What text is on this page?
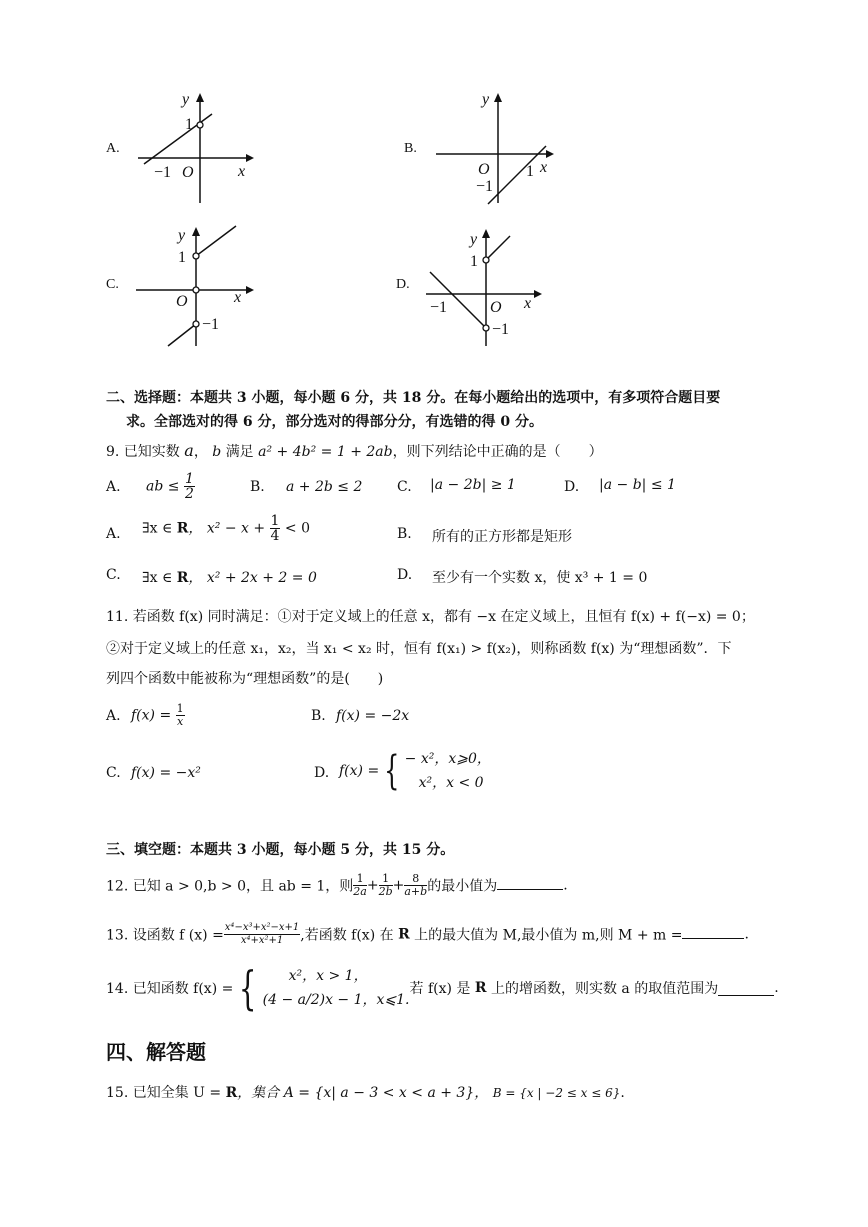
A.
y
x
O
−1
1
B.
y
x
O 1
−1
C.
y
x
O
1
−1
D.
y
x
O
−1
1
−1
二、选择题：本题共 3 小题，每小题 6 分，共 18 分。在每小题给出的选项中，有多项符合题目要
求。全部选对的得 6 分，部分选对的得部分分，有选错的得 0 分。
9. 已知实数 a， b 满足 a² + 4b² = 1 + 2ab，则下列结论中正确的是（　　）
A. ab ≤ $\frac{1}{2}$	B. a + 2b ≤ 2 C. |a − 2b| ≥ 1	D. |a − b| ≤ 1
A. ∃x ∈ R， $x^2 - x + \frac{1}{4} < 0$	B. 所有的正方形都是矩形
C. ∃x ∈ R， x² + 2x + 2 = 0	D. 至少有一个实数 x，使 x³ + 1 = 0
11. 若函数 f(x) 同时满足：①对于定义域上的任意 x，都有 −x 在定义域上，且恒有 f(x) + f(−x) = 0；
②对于定义域上的任意 x₁，x₂，当 x₁ < x₂ 时，恒有 f(x₁) > f(x₂)，则称函数 f(x) 为“理想函数”．下
列四个函数中能被称为“理想函数”的是(　　)
A. $f(x) = \frac{1}{x}$	B. f(x) = −2x
C. f(x) = −x²	D. f(x) = { − x²，x⩾0，
x²，x < 0
三、填空题：本题共 3 小题，每小题 5 分，共 15 分。
12. 已知 a > 0,b > 0，且 ab = 1，则 $\frac{1}{2a} + \frac{1}{2b} + \frac{8}{a+b}$ 的最小值为	.
13. 设函数 f $(x) = \frac{\text{x⁴−x³+x²−x+1}}{\text{x⁴+x²+1}}$ ,若函数 f(x) 在 R 上的最大值为 M,最小值为 m,则 M + m =	.
14. 已知函数 f(x) = {	x²，x > 1，
(4 − a/2)x − 1，x⩽1.
若 f(x) 是 R 上的增函数，则实数 a 的取值范围为	.
四、解答题
15. 已知全集 U = R，集合 A = {x| a − 3 < x < a + 3}， B = {x | −2 ≤ x ≤ 6}.
